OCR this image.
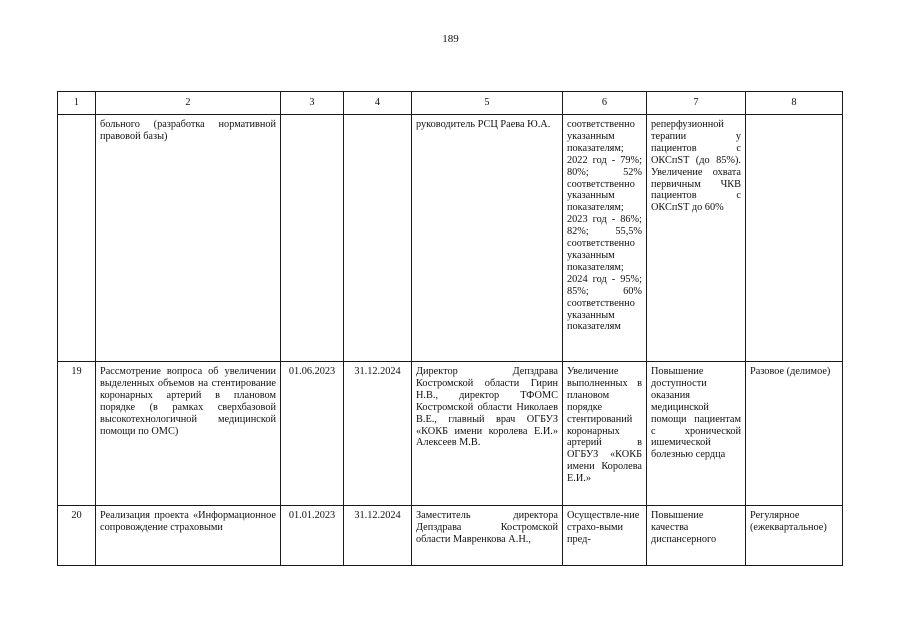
189
1	2	3	4	5	6	7	8
	больного (разработка нормативной правовой базы)			руководитель РСЦ Раева Ю.А.	соответственно указанным показателям; 2022 год - 79%; 80%; 52% соответственно указанным показателям; 2023 год - 86%; 82%; 55,5% соответственно указанным показателям; 2024 год - 95%; 85%; 60% соответственно указанным показателям	реперфузионной терапии у пациентов с ОКСпST (до 85%). Увеличение охвата первичным ЧКВ пациентов с ОКСпST до 60%	
19	Рассмотрение вопроса об увеличении выделенных объемов на стентирование коронарных артерий в плановом порядке (в рамках сверхбазовой высокотехнологичной медицинской помощи по ОМС)	01.06.2023	31.12.2024	Директор Депздрава Костромской области Гирин Н.В., директор ТФОМС Костромской области Николаев В.Е., главный врач ОГБУЗ «КОКБ имени королева Е.И.» Алексеев М.В.	Увеличение выполненных в плановом порядке стентирований коронарных артерий в ОГБУЗ «КОКБ имени Королева Е.И.»	Повышение доступности оказания медицинской помощи пациентам с хронической ишемической болезнью сердца	Разовое (делимое)
20	Реализация проекта «Информационное сопровождение страховыми	01.01.2023	31.12.2024	Заместитель директора Депздрава Костромской области Мавренкова А.Н.,	Осуществле-ние страхо-выми пред-	Повышение качества диспансерного	Регулярное (ежеквартальное)
